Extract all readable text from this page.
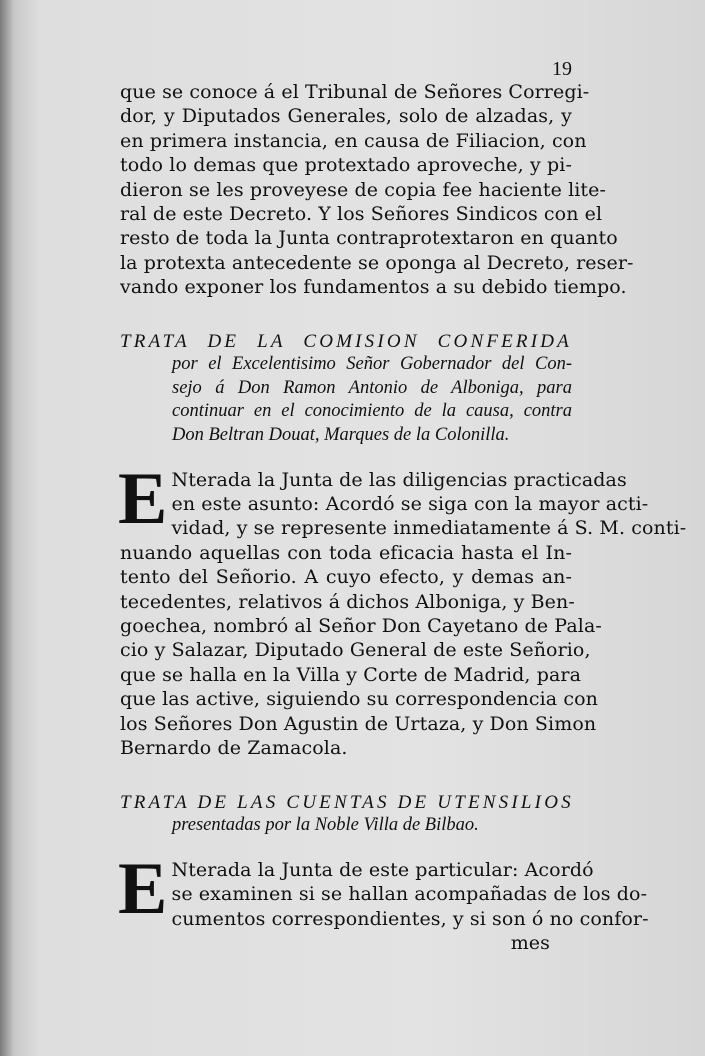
19
que se conoce á el Tribunal de Señores Corregi-
dor, y Diputados Generales, solo de alzadas, y
en primera instancia, en causa de Filiacion, con
todo lo demas que protextado aproveche, y pi-
dieron se les proveyese de copia fee haciente lite-
ral de este Decreto. Y los Señores Sindicos con el
resto de toda la Junta contraprotextaron en quanto
la protexta antecedente se oponga al Decreto, reser-
vando exponer los fundamentos a su debido tiempo.
TRATA DE LA COMISION CONFERIDA
por el Excelentisimo Señor Gobernador del Con-
sejo á Don Ramon Antonio de Alboniga, para
continuar en el conocimiento de la causa, contra
Don Beltran Douat, Marques de la Colonilla.
E Nterada la Junta de las diligencias practicadas
en este asunto: Acordó se siga con la mayor acti-
vidad, y se represente inmediatamente á S. M. conti-
nuando aquellas con toda eficacia hasta el In-
tento del Señorio. A cuyo efecto, y demas an-
tecedentes, relativos á dichos Alboniga, y Ben-
goechea, nombró al Señor Don Cayetano de Pala-
cio y Salazar, Diputado General de este Señorio,
que se halla en la Villa y Corte de Madrid, para
que las active, siguiendo su correspondencia con
los Señores Don Agustin de Urtaza, y Don Simon
Bernardo de Zamacola.
TRATA DE LAS CUENTAS DE UTENSILIOS
presentadas por la Noble Villa de Bilbao.
E Nterada la Junta de este particular: Acordó
se examinen si se hallan acompañadas de los do-
cumentos correspondientes, y si son ó no confor-
mes
